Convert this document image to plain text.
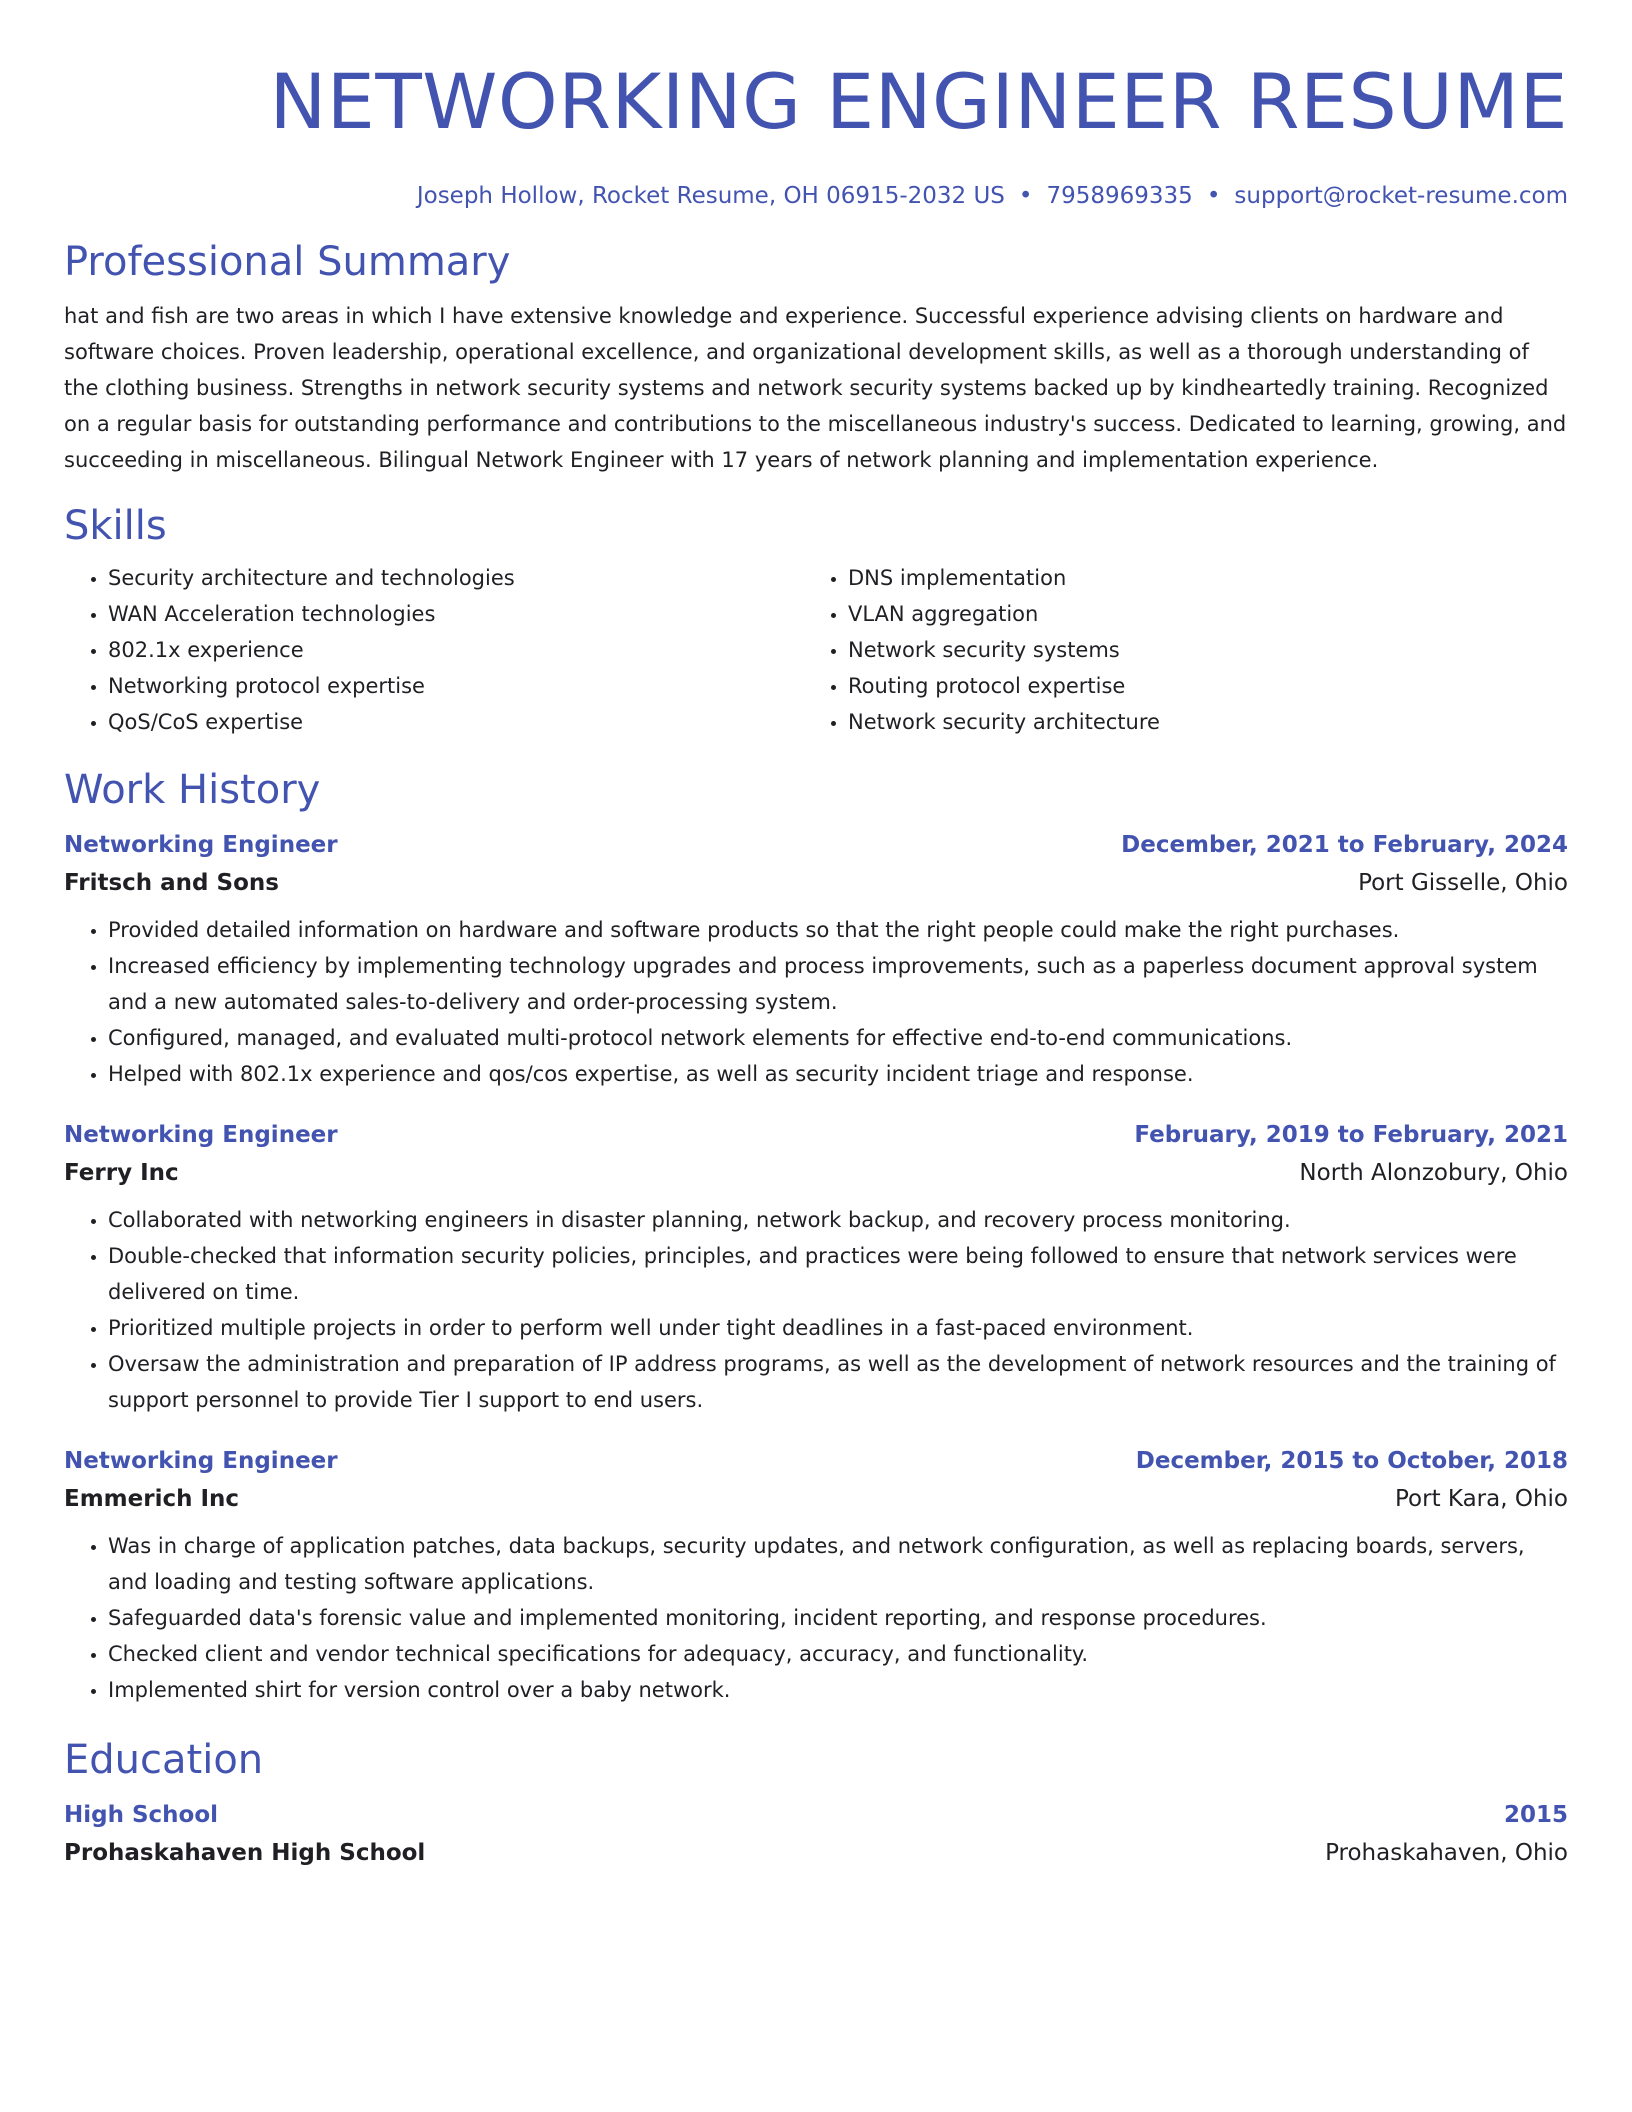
NETWORKING ENGINEER RESUME
Joseph Hollow, Rocket Resume, OH 06915-2032 US • 7958969335 • support@rocket-resume.com
Professional Summary
hat and fish are two areas in which I have extensive knowledge and experience. Successful experience advising clients on hardware and software choices. Proven leadership, operational excellence, and organizational development skills, as well as a thorough understanding of the clothing business. Strengths in network security systems and network security systems backed up by kindheartedly training. Recognized on a regular basis for outstanding performance and contributions to the miscellaneous industry's success. Dedicated to learning, growing, and succeeding in miscellaneous. Bilingual Network Engineer with 17 years of network planning and implementation experience.
Skills
• Security architecture and technologies
• WAN Acceleration technologies
• 802.1x experience
• Networking protocol expertise
• QoS/CoS expertise
• DNS implementation
• VLAN aggregation
• Network security systems
• Routing protocol expertise
• Network security architecture
Work History
Networking Engineer	December, 2021 to February, 2024
Fritsch and Sons	Port Gisselle, Ohio
• Provided detailed information on hardware and software products so that the right people could make the right purchases.
• Increased efficiency by implementing technology upgrades and process improvements, such as a paperless document approval system and a new automated sales-to-delivery and order-processing system.
• Configured, managed, and evaluated multi-protocol network elements for effective end-to-end communications.
• Helped with 802.1x experience and qos/cos expertise, as well as security incident triage and response.
Networking Engineer	February, 2019 to February, 2021
Ferry Inc	North Alonzobury, Ohio
• Collaborated with networking engineers in disaster planning, network backup, and recovery process monitoring.
• Double-checked that information security policies, principles, and practices were being followed to ensure that network services were delivered on time.
• Prioritized multiple projects in order to perform well under tight deadlines in a fast-paced environment.
• Oversaw the administration and preparation of IP address programs, as well as the development of network resources and the training of support personnel to provide Tier I support to end users.
Networking Engineer	December, 2015 to October, 2018
Emmerich Inc	Port Kara, Ohio
• Was in charge of application patches, data backups, security updates, and network configuration, as well as replacing boards, servers, and loading and testing software applications.
• Safeguarded data's forensic value and implemented monitoring, incident reporting, and response procedures.
• Checked client and vendor technical specifications for adequacy, accuracy, and functionality.
• Implemented shirt for version control over a baby network.
Education
High School	2015
Prohaskahaven High School	Prohaskahaven, Ohio
